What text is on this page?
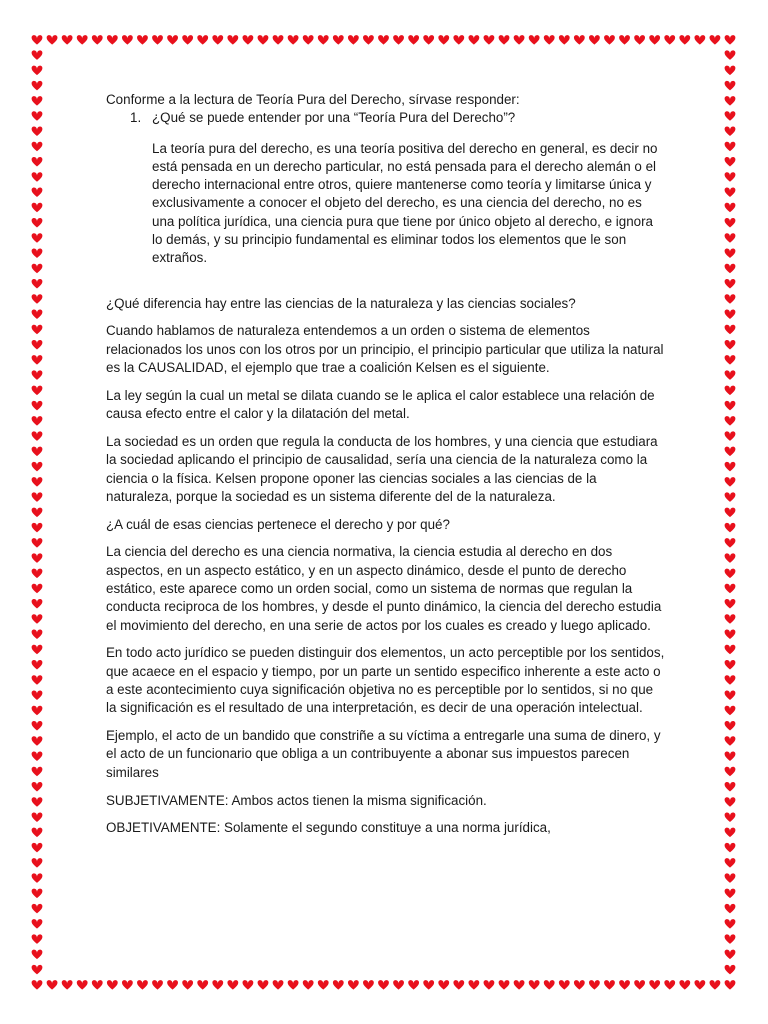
Conforme a la lectura de Teoría Pura del Derecho, sírvase responder:

1. ¿Qué se puede entender por una “Teoría Pura del Derecho”?

La teoría pura del derecho, es una teoría positiva del derecho en general, es decir no está pensada en un derecho particular, no está pensada para el derecho alemán o el derecho internacional entre otros, quiere mantenerse como teoría y limitarse única y exclusivamente a conocer el objeto del derecho, es una ciencia del derecho, no es una política jurídica, una ciencia pura que tiene por único objeto al derecho, e ignora lo demás, y su principio fundamental es eliminar todos los elementos que le son extraños.

¿Qué diferencia hay entre las ciencias de la naturaleza y las ciencias sociales?

Cuando hablamos de naturaleza entendemos a un orden o sistema de elementos relacionados los unos con los otros por un principio, el principio particular que utiliza la natural es la CAUSALIDAD, el ejemplo que trae a coalición Kelsen es el siguiente.

La ley según la cual un metal se dilata cuando se le aplica el calor establece una relación de causa efecto entre el calor y la dilatación del metal.

La sociedad es un orden que regula la conducta de los hombres, y una ciencia que estudiara la sociedad aplicando el principio de causalidad, sería una ciencia de la naturaleza como la ciencia o la física. Kelsen propone oponer las ciencias sociales a las ciencias de la naturaleza, porque la sociedad es un sistema diferente del de la naturaleza.

¿A cuál de esas ciencias pertenece el derecho y por qué?

La ciencia del derecho es una ciencia normativa, la ciencia estudia al derecho en dos aspectos, en un aspecto estático, y en un aspecto dinámico, desde el punto de derecho estático, este aparece como un orden social, como un sistema de normas que regulan la conducta reciproca de los hombres, y desde el punto dinámico, la ciencia del derecho estudia el movimiento del derecho, en una serie de actos por los cuales es creado y luego aplicado.

En todo acto jurídico se pueden distinguir dos elementos, un acto perceptible por los sentidos, que acaece en el espacio y tiempo, por un parte un sentido especifico inherente a este acto o a este acontecimiento cuya significación objetiva no es perceptible por lo sentidos, si no que la significación es el resultado de una interpretación, es decir de una operación intelectual.

Ejemplo, el acto de un bandido que constriñe a su víctima a entregarle una suma de dinero, y el acto de un funcionario que obliga a un contribuyente a abonar sus impuestos parecen similares

SUBJETIVAMENTE: Ambos actos tienen la misma significación.

OBJETIVAMENTE: Solamente el segundo constituye a una norma jurídica,
